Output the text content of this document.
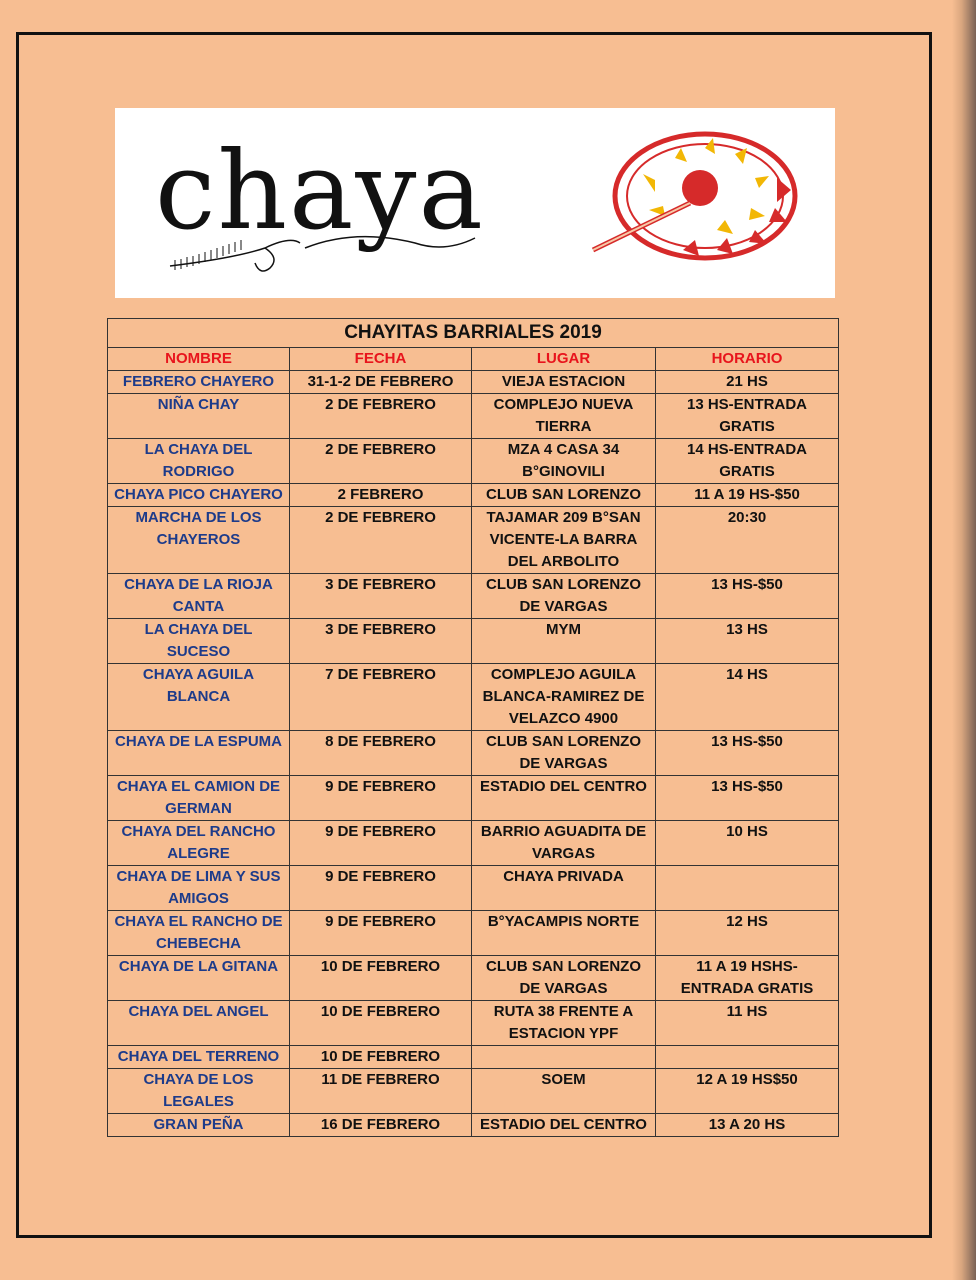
chaya
CHAYITAS BARRIALES 2019			
NOMBRE	FECHA	LUGAR	HORARIO
FEBRERO CHAYERO	31-1-2 DE FEBRERO	VIEJA ESTACION	21 HS
NIÑA CHAY	2 DE FEBRERO	COMPLEJO NUEVA TIERRA	13 HS-ENTRADA GRATIS
LA CHAYA DEL RODRIGO	2 DE FEBRERO	MZA 4 CASA 34 B°GINOVILI	14 HS-ENTRADA GRATIS
CHAYA PICO CHAYERO	2 FEBRERO	CLUB SAN LORENZO	11 A 19 HS-$50
MARCHA DE LOS CHAYEROS	2 DE FEBRERO	TAJAMAR 209 B°SAN VICENTE-LA BARRA DEL ARBOLITO	20:30
CHAYA DE LA RIOJA CANTA	3 DE FEBRERO	CLUB SAN LORENZO DE VARGAS	13 HS-$50
LA CHAYA DEL SUCESO	3 DE FEBRERO	MYM	13 HS
CHAYA AGUILA BLANCA	7 DE FEBRERO	COMPLEJO AGUILA BLANCA-RAMIREZ DE VELAZCO 4900	14 HS
CHAYA DE LA ESPUMA	8 DE FEBRERO	CLUB SAN LORENZO DE VARGAS	13 HS-$50
CHAYA EL CAMION DE GERMAN	9 DE FEBRERO	ESTADIO DEL CENTRO	13 HS-$50
CHAYA DEL RANCHO ALEGRE	9 DE FEBRERO	BARRIO AGUADITA DE VARGAS	10 HS
CHAYA DE LIMA Y SUS AMIGOS	9 DE FEBRERO	CHAYA PRIVADA	
CHAYA EL RANCHO DE CHEBECHA	9 DE FEBRERO	B°YACAMPIS NORTE	12 HS
CHAYA DE LA GITANA	10 DE FEBRERO	CLUB SAN LORENZO DE VARGAS	11 A 19 HSHS-ENTRADA GRATIS
CHAYA DEL ANGEL	10 DE FEBRERO	RUTA 38 FRENTE A ESTACION YPF	11 HS
CHAYA DEL TERRENO	10 DE FEBRERO		
CHAYA DE LOS LEGALES	11 DE FEBRERO	SOEM	12 A 19 HS$50
GRAN PEÑA	16 DE FEBRERO	ESTADIO DEL CENTRO	13 A 20 HS
